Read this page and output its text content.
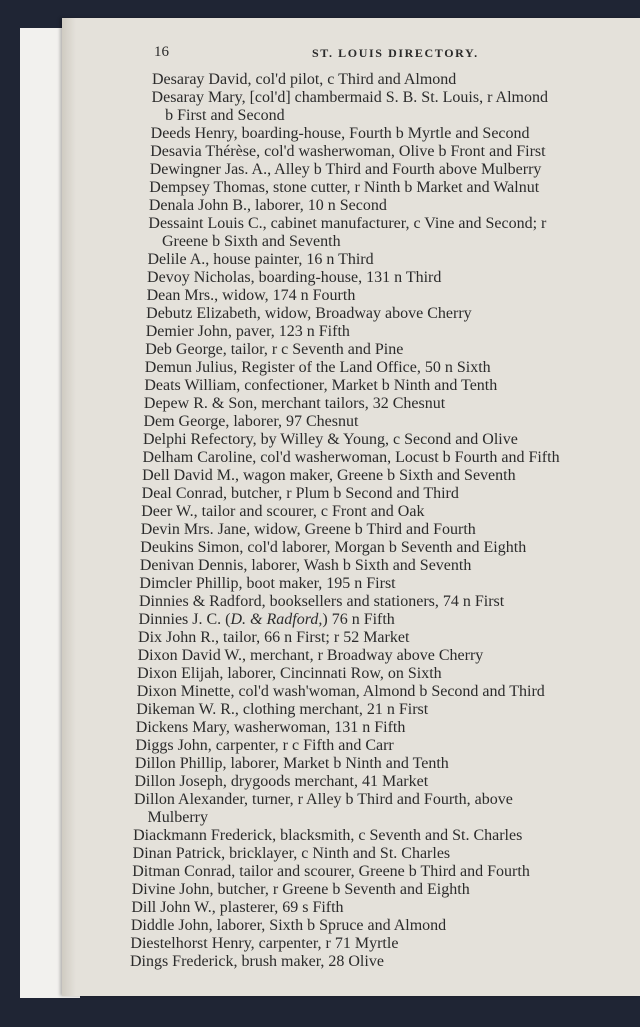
16	ST. LOUIS DIRECTORY.
Desaray David, col'd pilot, c Third and Almond
Desaray Mary, [col'd] chambermaid S. B. St. Louis, r Almond
b First and Second
Deeds Henry, boarding-house, Fourth b Myrtle and Second
Desavia Thérèse, col'd washerwoman, Olive b Front and First
Dewingner Jas. A., Alley b Third and Fourth above Mulberry
Dempsey Thomas, stone cutter, r Ninth b Market and Walnut
Denala John B., laborer, 10 n Second
Dessaint Louis C., cabinet manufacturer, c Vine and Second; r
Greene b Sixth and Seventh
Delile A., house painter, 16 n Third
Devoy Nicholas, boarding-house, 131 n Third
Dean Mrs., widow, 174 n Fourth
Debutz Elizabeth, widow, Broadway above Cherry
Demier John, paver, 123 n Fifth
Deb George, tailor, r c Seventh and Pine
Demun Julius, Register of the Land Office, 50 n Sixth
Deats William, confectioner, Market b Ninth and Tenth
Depew R. & Son, merchant tailors, 32 Chesnut
Dem George, laborer, 97 Chesnut
Delphi Refectory, by Willey & Young, c Second and Olive
Delham Caroline, col'd washerwoman, Locust b Fourth and Fifth
Dell David M., wagon maker, Greene b Sixth and Seventh
Deal Conrad, butcher, r Plum b Second and Third
Deer W., tailor and scourer, c Front and Oak
Devin Mrs. Jane, widow, Greene b Third and Fourth
Deukins Simon, col'd laborer, Morgan b Seventh and Eighth
Denivan Dennis, laborer, Wash b Sixth and Seventh
Dimcler Phillip, boot maker, 195 n First
Dinnies & Radford, booksellers and stationers, 74 n First
Dinnies J. C. (D. & Radford,) 76 n Fifth
Dix John R., tailor, 66 n First; r 52 Market
Dixon David W., merchant, r Broadway above Cherry
Dixon Elijah, laborer, Cincinnati Row, on Sixth
Dixon Minette, col'd wash'woman, Almond b Second and Third
Dikeman W. R., clothing merchant, 21 n First
Dickens Mary, washerwoman, 131 n Fifth
Diggs John, carpenter, r c Fifth and Carr
Dillon Phillip, laborer, Market b Ninth and Tenth
Dillon Joseph, drygoods merchant, 41 Market
Dillon Alexander, turner, r Alley b Third and Fourth, above
Mulberry
Diackmann Frederick, blacksmith, c Seventh and St. Charles
Dinan Patrick, bricklayer, c Ninth and St. Charles
Ditman Conrad, tailor and scourer, Greene b Third and Fourth
Divine John, butcher, r Greene b Seventh and Eighth
Dill John W., plasterer, 69 s Fifth
Diddle John, laborer, Sixth b Spruce and Almond
Diestelhorst Henry, carpenter, r 71 Myrtle
Dings Frederick, brush maker, 28 Olive
